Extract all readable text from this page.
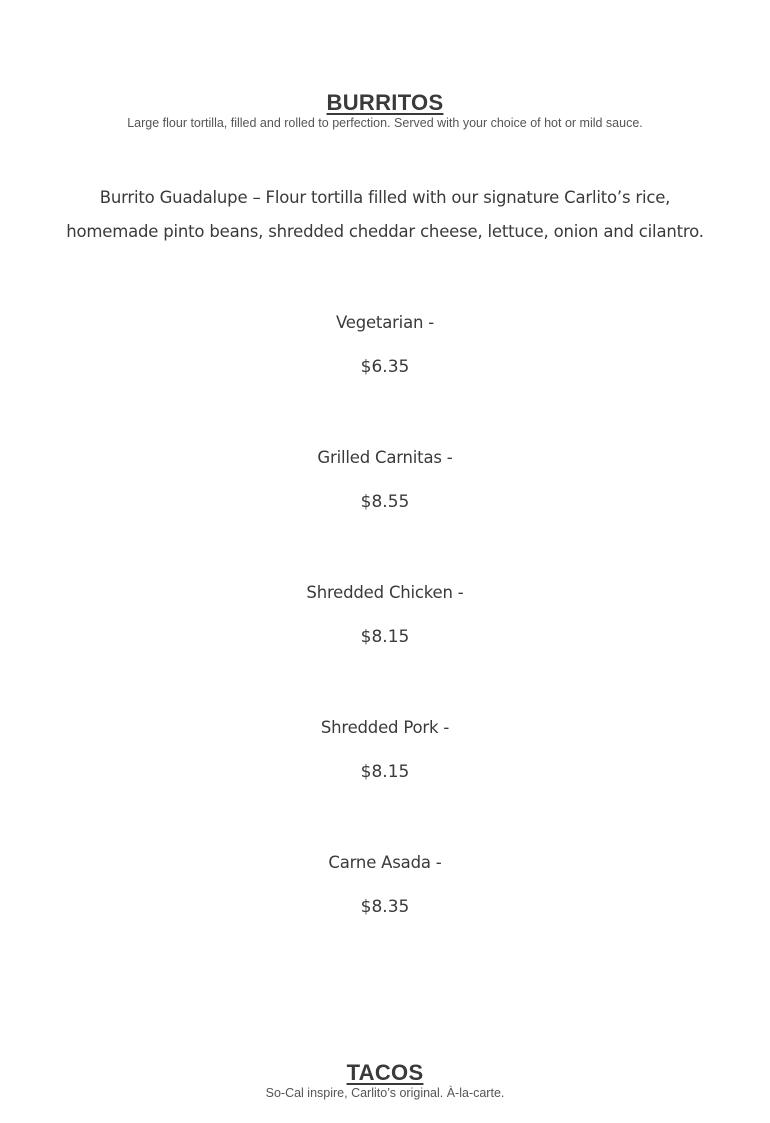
BURRITOS

Large flour tortilla, filled and rolled to perfection. Served with your choice of hot or mild sauce.

Burrito Guadalupe – Flour tortilla filled with our signature Carlito’s rice, homemade pinto beans, shredded cheddar cheese, lettuce, onion and cilantro.

Vegetarian -
$6.35
Grilled Carnitas -
$8.55
Shredded Chicken -
$8.15
Shredded Pork -
$8.15
Carne Asada -
$8.35
TACOS

So-Cal inspire, Carlito’s original. À-la-carte.
